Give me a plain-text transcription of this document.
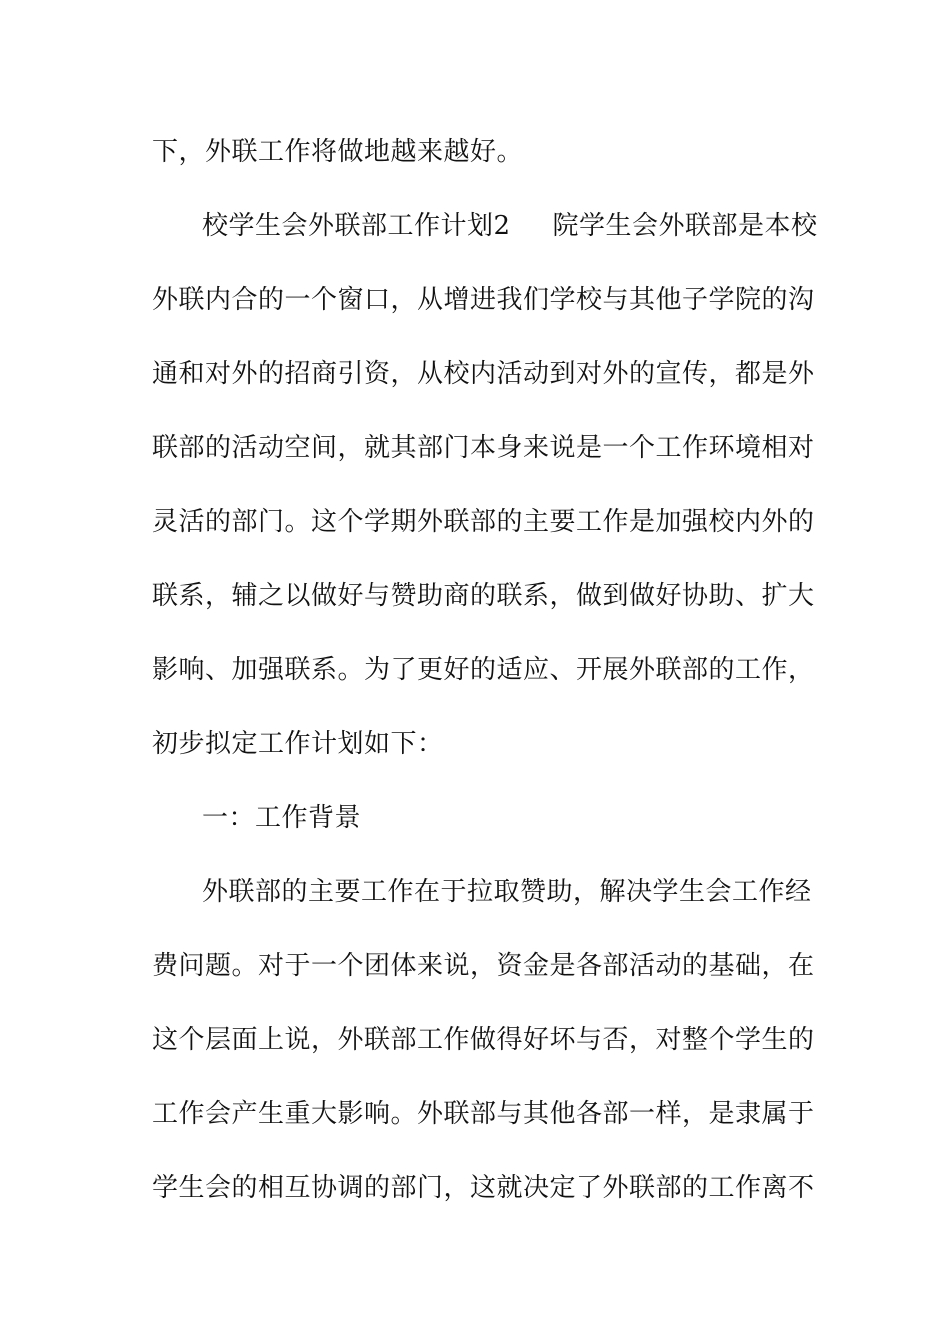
下，外联工作将做地越来越好。
校学生会外联部工作计划2 院学生会外联部是本校
外联内合的一个窗口，从增进我们学校与其他子学院的沟
通和对外的招商引资，从校内活动到对外的宣传，都是外
联部的活动空间，就其部门本身来说是一个工作环境相对
灵活的部门。这个学期外联部的主要工作是加强校内外的
联系，辅之以做好与赞助商的联系，做到做好协助、扩大
影响、加强联系。为了更好的适应、开展外联部的工作，
初步拟定工作计划如下：
一：工作背景
外联部的主要工作在于拉取赞助，解决学生会工作经
费问题。对于一个团体来说，资金是各部活动的基础，在
这个层面上说，外联部工作做得好坏与否，对整个学生的
工作会产生重大影响。外联部与其他各部一样，是隶属于
学生会的相互协调的部门，这就决定了外联部的工作离不
